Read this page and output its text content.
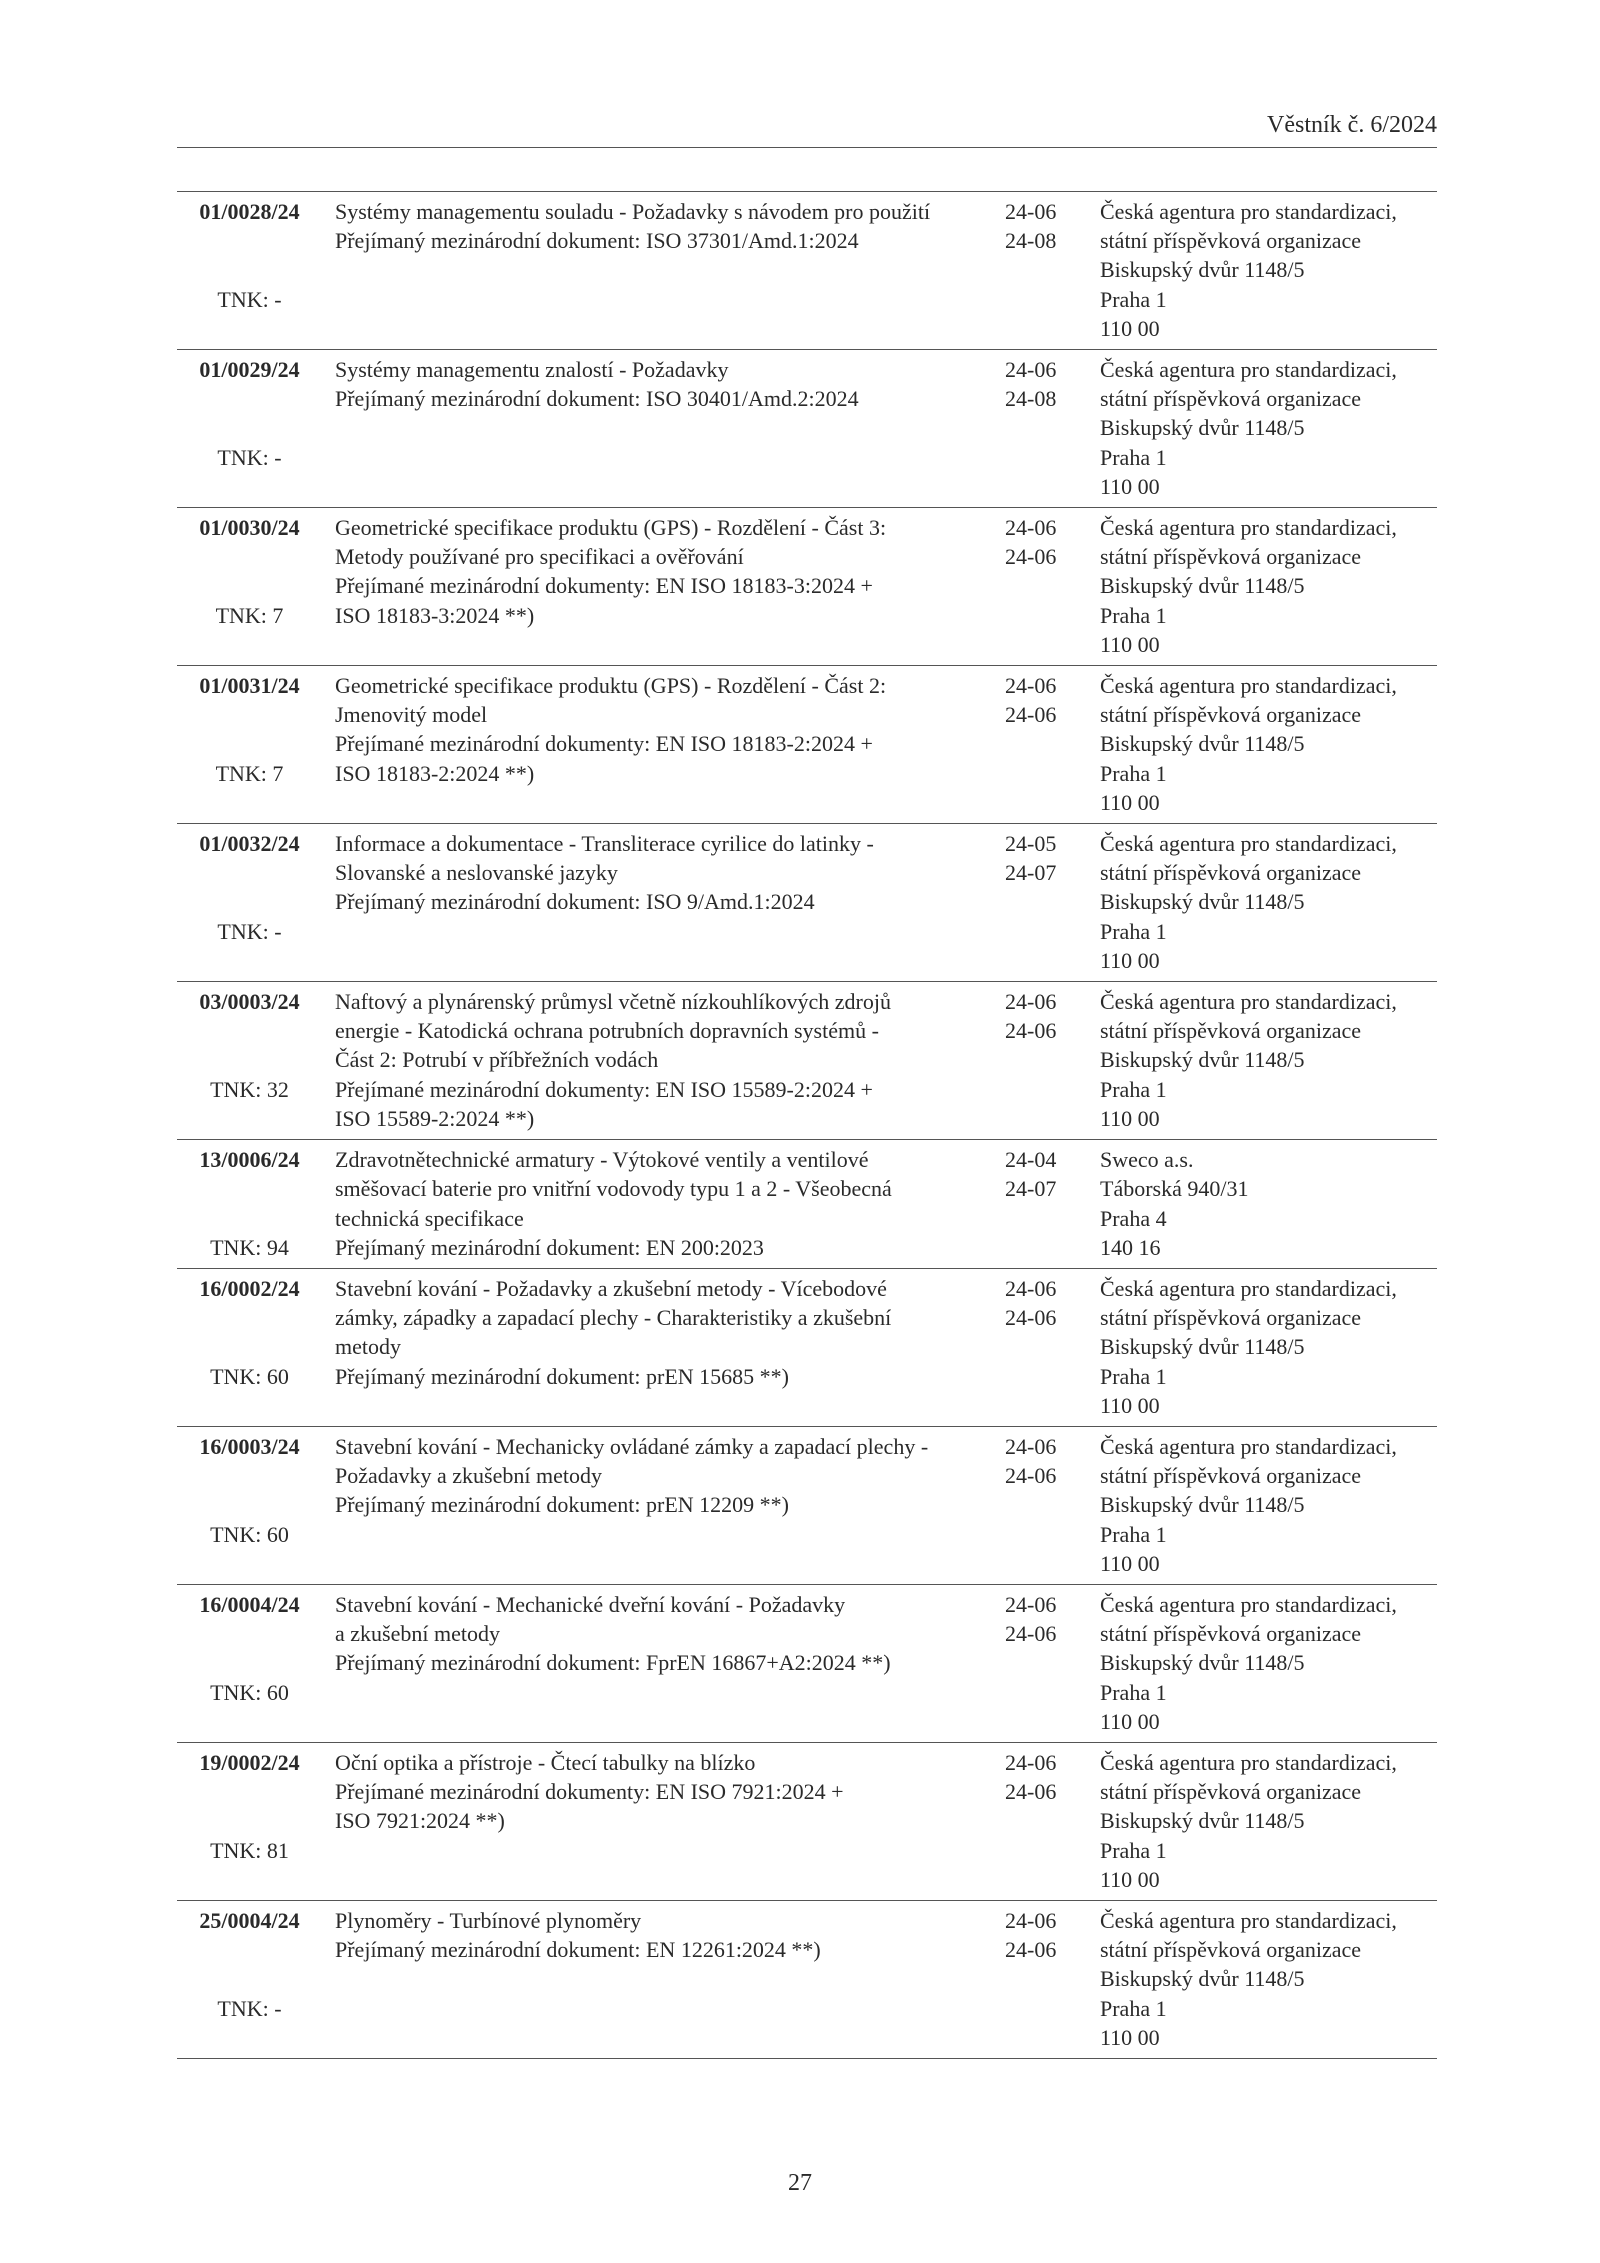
Věstník č. 6/2024
01/0028/24
TNK: -
Systémy managementu souladu - Požadavky s návodem pro použití
Přejímaný mezinárodní dokument: ISO 37301/Amd.1:2024
24-06
24-08
Česká agentura pro standardizaci,
státní příspěvková organizace
Biskupský dvůr 1148/5
Praha 1
110 00
01/0029/24
TNK: -
Systémy managementu znalostí - Požadavky
Přejímaný mezinárodní dokument: ISO 30401/Amd.2:2024
24-06
24-08
Česká agentura pro standardizaci,
státní příspěvková organizace
Biskupský dvůr 1148/5
Praha 1
110 00
01/0030/24
TNK: 7
Geometrické specifikace produktu (GPS) - Rozdělení - Část 3:
Metody používané pro specifikaci a ověřování
Přejímané mezinárodní dokumenty: EN ISO 18183-3:2024 +
ISO 18183-3:2024 **)
24-06
24-06
Česká agentura pro standardizaci,
státní příspěvková organizace
Biskupský dvůr 1148/5
Praha 1
110 00
01/0031/24
TNK: 7
Geometrické specifikace produktu (GPS) - Rozdělení - Část 2:
Jmenovitý model
Přejímané mezinárodní dokumenty: EN ISO 18183-2:2024 +
ISO 18183-2:2024 **)
24-06
24-06
Česká agentura pro standardizaci,
státní příspěvková organizace
Biskupský dvůr 1148/5
Praha 1
110 00
01/0032/24
TNK: -
Informace a dokumentace - Transliterace cyrilice do latinky -
Slovanské a neslovanské jazyky
Přejímaný mezinárodní dokument: ISO 9/Amd.1:2024
24-05
24-07
Česká agentura pro standardizaci,
státní příspěvková organizace
Biskupský dvůr 1148/5
Praha 1
110 00
03/0003/24
TNK: 32
Naftový a plynárenský průmysl včetně nízkouhlíkových zdrojů
energie - Katodická ochrana potrubních dopravních systémů -
Část 2: Potrubí v příbřežních vodách
Přejímané mezinárodní dokumenty: EN ISO 15589-2:2024 +
ISO 15589-2:2024 **)
24-06
24-06
Česká agentura pro standardizaci,
státní příspěvková organizace
Biskupský dvůr 1148/5
Praha 1
110 00
13/0006/24
TNK: 94
Zdravotnětechnické armatury - Výtokové ventily a ventilové
směšovací baterie pro vnitřní vodovody typu 1 a 2 - Všeobecná
technická specifikace
Přejímaný mezinárodní dokument: EN 200:2023
24-04
24-07
Sweco a.s.
Táborská 940/31
Praha 4
140 16
16/0002/24
TNK: 60
Stavební kování - Požadavky a zkušební metody - Vícebodové
zámky, západky a zapadací plechy - Charakteristiky a zkušební
metody
Přejímaný mezinárodní dokument: prEN 15685 **)
24-06
24-06
Česká agentura pro standardizaci,
státní příspěvková organizace
Biskupský dvůr 1148/5
Praha 1
110 00
16/0003/24
TNK: 60
Stavební kování - Mechanicky ovládané zámky a zapadací plechy -
Požadavky a zkušební metody
Přejímaný mezinárodní dokument: prEN 12209 **)
24-06
24-06
Česká agentura pro standardizaci,
státní příspěvková organizace
Biskupský dvůr 1148/5
Praha 1
110 00
16/0004/24
TNK: 60
Stavební kování - Mechanické dveřní kování - Požadavky
a zkušební metody
Přejímaný mezinárodní dokument: FprEN 16867+A2:2024 **)
24-06
24-06
Česká agentura pro standardizaci,
státní příspěvková organizace
Biskupský dvůr 1148/5
Praha 1
110 00
19/0002/24
TNK: 81
Oční optika a přístroje - Čtecí tabulky na blízko
Přejímané mezinárodní dokumenty: EN ISO 7921:2024 +
ISO 7921:2024 **)
24-06
24-06
Česká agentura pro standardizaci,
státní příspěvková organizace
Biskupský dvůr 1148/5
Praha 1
110 00
25/0004/24
TNK: -
Plynoměry - Turbínové plynoměry
Přejímaný mezinárodní dokument: EN 12261:2024 **)
24-06
24-06
Česká agentura pro standardizaci,
státní příspěvková organizace
Biskupský dvůr 1148/5
Praha 1
110 00
27
